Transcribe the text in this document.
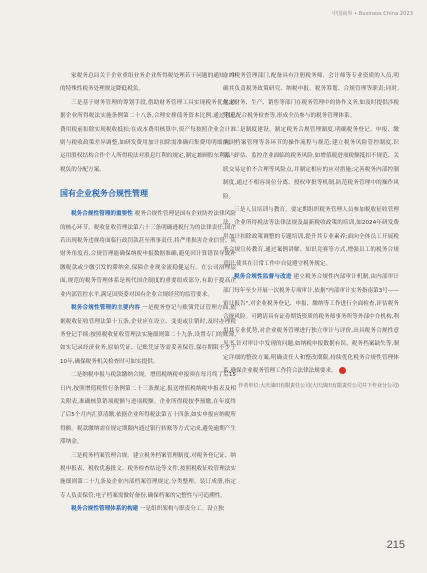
中国商界 • Business China 2023

家税务总局关于企业重组业务企业所得税处理若干问题的通知》中的特殊性税务处理规定降低税负。

三是基于财务管理的筹划手段,借助财务管理工具实现税务优化,依据企业所得税法实施条例第二十八条,合理安排债务资本比例,通过利息费用税前扣除实现税收抵扣;在成本费用核算中,资产每按照企业会计准则与税收政策差异调整,如研发费用加计扣除需准确归集费用明细;同时运用股权结构合作个人所得税法对股息红利的规定,制定兼顾股东利益与税负的分配方案。

国有企业税务合规性管理

税务合规性管理的重要性 税务合规性管理是国有企业防控法律风险的核心环节。税收征收管理法第六十三条明确逃税行为的法律责任,国企若出现税务违规将面临行政罚款甚至刑事责任,将严重损害企业信誉。从财务角度看,合规管理能确保纳税申报数据准确,避免因计算错误导致补缴税款或少缴引发的滞纳金,保障企业现金流稳健运行。在公司治理层面,规范的税务管理体系是现代国企制度的重要组成部分,有助于提高企业内部管控水平,满足国资委对国有企业合规经营的监管要求。

税务合规性管理的主要内容 一是税务登记与账簿凭证管理方面,依据税收征收管理法第十五条,企业应在设立、变更或注销时,及时办理税务登记手续;按照税收征收管理法实施细则第二十九条,设置专门的账簿,如实记录经济业务,原始凭证、记账凭证等需妥善保管,保存期限不少于10年,确保税务机关检查时可如实提供。

二是纳税申报与税款缴纳合规。增值税纳税申报须在每月终了后15日内,按照增值税暂行条例第二十三条规定,报送增值税纳税申报表及相关附表,准确核算销项税额与进项税额。企业所得税按季预缴,在年度终了后5个月内汇算清缴,依据企业所得税法第五十四条,如实申报应纳税所得额。税款缴纳需在规定期限内通过银行转账等方式完成,避免逾期产生滞纳金。

三是税务档案管理合规。建立税务档案管理制度,对税务登记证、纳税申报表、税收优惠批文、税务检查结论等文件,按照税收征收管理法实施细则第二十九条及企业内部档案管理规定,分类整理、装订成册,指定专人负责保管;电子档案需做好备份,确保档案的完整性与可追溯性。

税务合规性管理体系的构建 一是组织架构与职责分工。设立独

立的税务管理部门,配备具有注册税务师、会计师等专业资质的人员,明确其负责税务政策研究、纳税申报、税务筹划、合规管理等职责;同时,规定财务、生产、销售等部门在税务管理中的协作义务,如及时提供涉税凭证,配合税务检查等,形成全员参与的税务管理体系。

二是制度建设。制定税务合规管理制度,明确税务登记、申报、缴纳、档案管理等各环节的操作流程与规范;建立税务风险管控制度,识别、评估、监控企业面临的税务风险,如增值税进项税额抵扣不规范、关联交易定价不合理等风险点,并制定相应的应对措施;完善税务内部控制制度,通过不相容岗位分离、授权审批等机制,防范税务管理中的操作风险。

三是人员培训与教育。要定期组织税务管理人员参加税收征收管理法、企业所得税法等法律法规及最新税收政策的培训,如2024年研发费用加计扣除政策调整的专题培训,提升其专业素养;面向全体员工开展税务合规宣传教育,通过案例讲解、知识竞赛等方式,增强员工的税务合规意识,使其在日常工作中自觉遵守税务规定。

税务合规性监督与改进 建立税务合规性内部审计机制,由内部审计部门每年至少开展一次税务专项审计,依据"内部审计实务指南第3号——审计报告",对企业税务登记、申报、缴纳等工作进行全面检查,评估税务合规风险。可聘请具有证券期货资质的税务师事务所等外部中介机构,利用其专业优势,对企业税务管理进行独立审计与评价,出具税务合规性意见书,针对审计中发现的问题,如纳税申报数据有误、税务档案缺失等,制定详细的整改方案,明确责任人和整改期限,持续优化税务合规性管理体系,确保企业税务管理工作符合法律法规要求。

作者单位:大庆油田有限责任公司(大庆油田有限责任公司井下作业分公司)
215
